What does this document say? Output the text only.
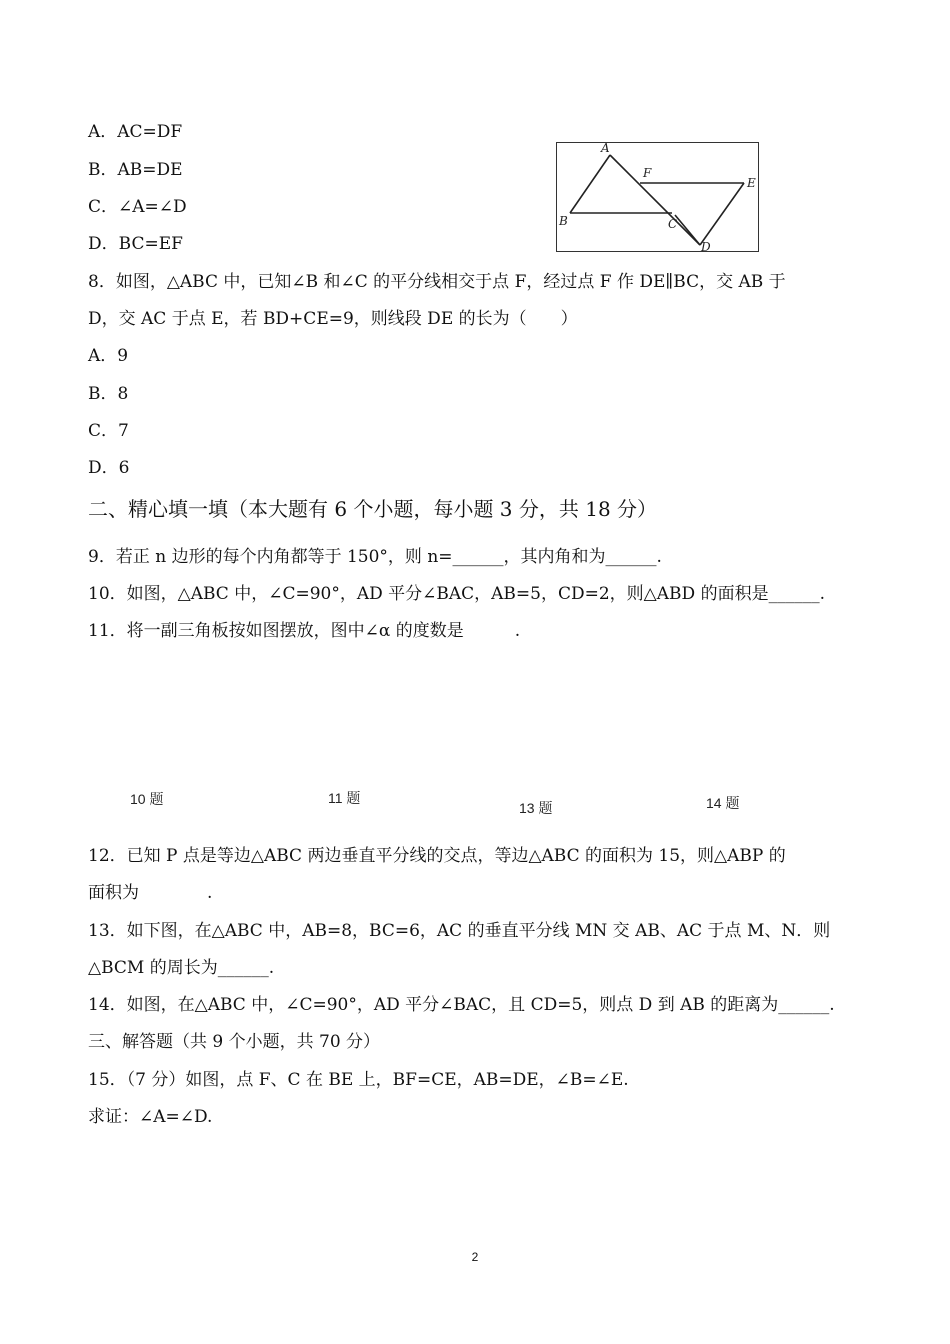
A．AC=DF
B．AB=DE
C．∠A=∠D
D．BC=EF
A
F
E
B	C
D
8．如图，△ABC 中，已知∠B 和∠C 的平分线相交于点 F，经过点 F 作 DE∥BC，交 AB 于
D，交 AC 于点 E，若 BD+CE=9，则线段 DE 的长为（　　）
A．9
B．8
C．7
D．6
二、精心填一填（本大题有 6 个小题，每小题 3 分，共 18 分）
9．若正 n 边形的每个内角都等于 150°，则 n=______，其内角和为______.
10．如图，△ABC 中，∠C=90°，AD 平分∠BAC，AB=5，CD=2，则△ABD 的面积是______.
11．将一副三角板按如图摆放，图中∠α 的度数是　　　.
10 题	11 题
13 题	14 题
12．已知 P 点是等边△ABC 两边垂直平分线的交点，等边△ABC 的面积为 15，则△ABP 的
面积为　　　　.
13．如下图，在△ABC 中，AB=8，BC=6，AC 的垂直平分线 MN 交 AB、AC 于点 M、N．则
△BCM 的周长为______.
14．如图，在△ABC 中，∠C=90°，AD 平分∠BAC，且 CD=5，则点 D 到 AB 的距离为______.
三、解答题（共 9 个小题，共 70 分）
15．（7 分）如图，点 F、C 在 BE 上，BF=CE，AB=DE，∠B=∠E.
求证：∠A=∠D.
2
